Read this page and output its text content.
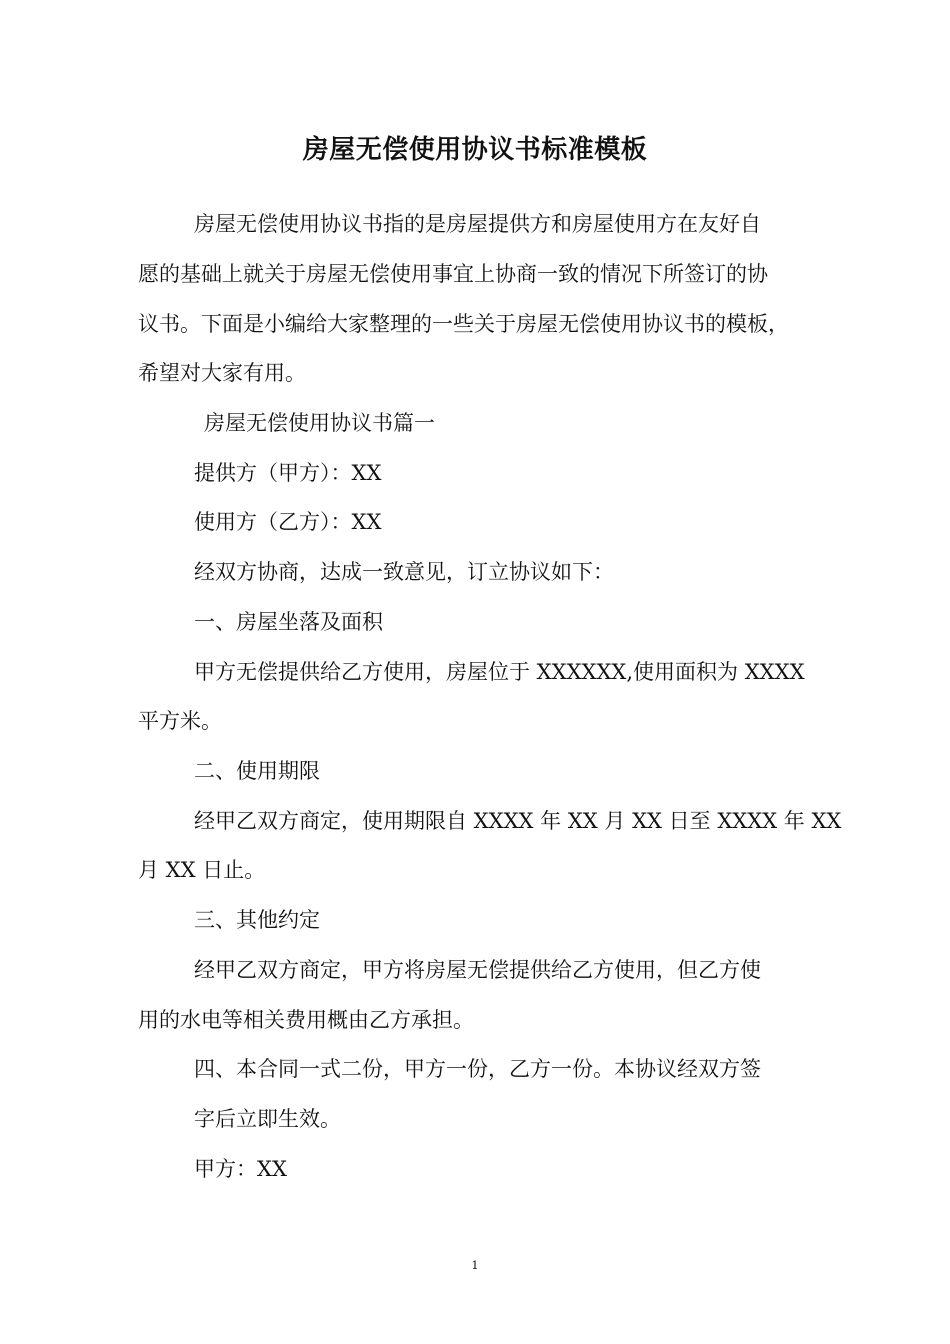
房屋无偿使用协议书标准模板
房屋无偿使用协议书指的是房屋提供方和房屋使用方在友好自
愿的基础上就关于房屋无偿使用事宜上协商一致的情况下所签订的协
议书。下面是小编给大家整理的一些关于房屋无偿使用协议书的模板，
希望对大家有用。
房屋无偿使用协议书篇一
提供方（甲方）：XX
使用方（乙方）：XX
经双方协商，达成一致意见，订立协议如下：
一、房屋坐落及面积
甲方无偿提供给乙方使用，房屋位于 XXXXXX,使用面积为 XXXX
平方米。
二、使用期限
经甲乙双方商定，使用期限自 XXXX 年 XX 月 XX 日至 XXXX 年 XX
月 XX 日止。
三、其他约定
经甲乙双方商定，甲方将房屋无偿提供给乙方使用，但乙方使
用的水电等相关费用概由乙方承担。
四、本合同一式二份，甲方一份，乙方一份。本协议经双方签
字后立即生效。
甲方：XX
1
